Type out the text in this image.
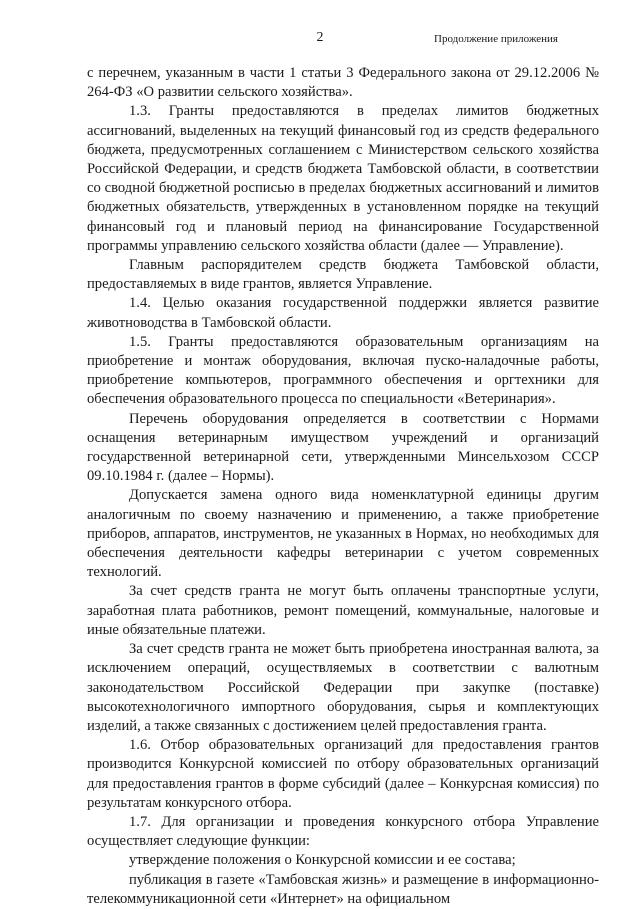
2	Продолжение приложения

с перечнем, указанным в части 1 статьи 3 Федерального закона от 29.12.2006 № 264-ФЗ «О развитии сельского хозяйства».

1.3. Гранты предоставляются в пределах лимитов бюджетных ассигнований, выделенных на текущий финансовый год из средств федерального бюджета, предусмотренных соглашением с Министерством сельского хозяйства Российской Федерации, и средств бюджета Тамбовской области, в соответствии со сводной бюджетной росписью в пределах бюджетных ассигнований и лимитов бюджетных обязательств, утвержденных в установленном порядке на текущий финансовый год и плановый период на финансирование Государственной программы управлению сельского хозяйства области (далее — Управление).

Главным распорядителем средств бюджета Тамбовской области, предоставляемых в виде грантов, является Управление.

1.4. Целью оказания государственной поддержки является развитие животноводства в Тамбовской области.

1.5. Гранты предоставляются образовательным организациям на приобретение и монтаж оборудования, включая пуско-наладочные работы, приобретение компьютеров, программного обеспечения и оргтехники для обеспечения образовательного процесса по специальности «Ветеринария».

Перечень оборудования определяется в соответствии с Нормами оснащения ветеринарным имуществом учреждений и организаций государственной ветеринарной сети, утвержденными Минсельхозом СССР 09.10.1984 г. (далее – Нормы).

Допускается замена одного вида номенклатурной единицы другим аналогичным по своему назначению и применению, а также приобретение приборов, аппаратов, инструментов, не указанных в Нормах, но необходимых для обеспечения деятельности кафедры ветеринарии с учетом современных технологий.

За счет средств гранта не могут быть оплачены транспортные услуги, заработная плата работников, ремонт помещений, коммунальные, налоговые и иные обязательные платежи.

За счет средств гранта не может быть приобретена иностранная валюта, за исключением операций, осуществляемых в соответствии с валютным законодательством Российской Федерации при закупке (поставке) высокотехнологичного импортного оборудования, сырья и комплектующих изделий, а также связанных с достижением целей предоставления гранта.

1.6. Отбор образовательных организаций для предоставления грантов производится Конкурсной комиссией по отбору образовательных организаций для предоставления грантов в форме субсидий (далее – Конкурсная комиссия) по результатам конкурсного отбора.

1.7. Для организации и проведения конкурсного отбора Управление осуществляет следующие функции:

утверждение положения о Конкурсной комиссии и ее состава;

публикация в газете «Тамбовская жизнь» и размещение в информационно-телекоммуникационной сети «Интернет» на официальном
